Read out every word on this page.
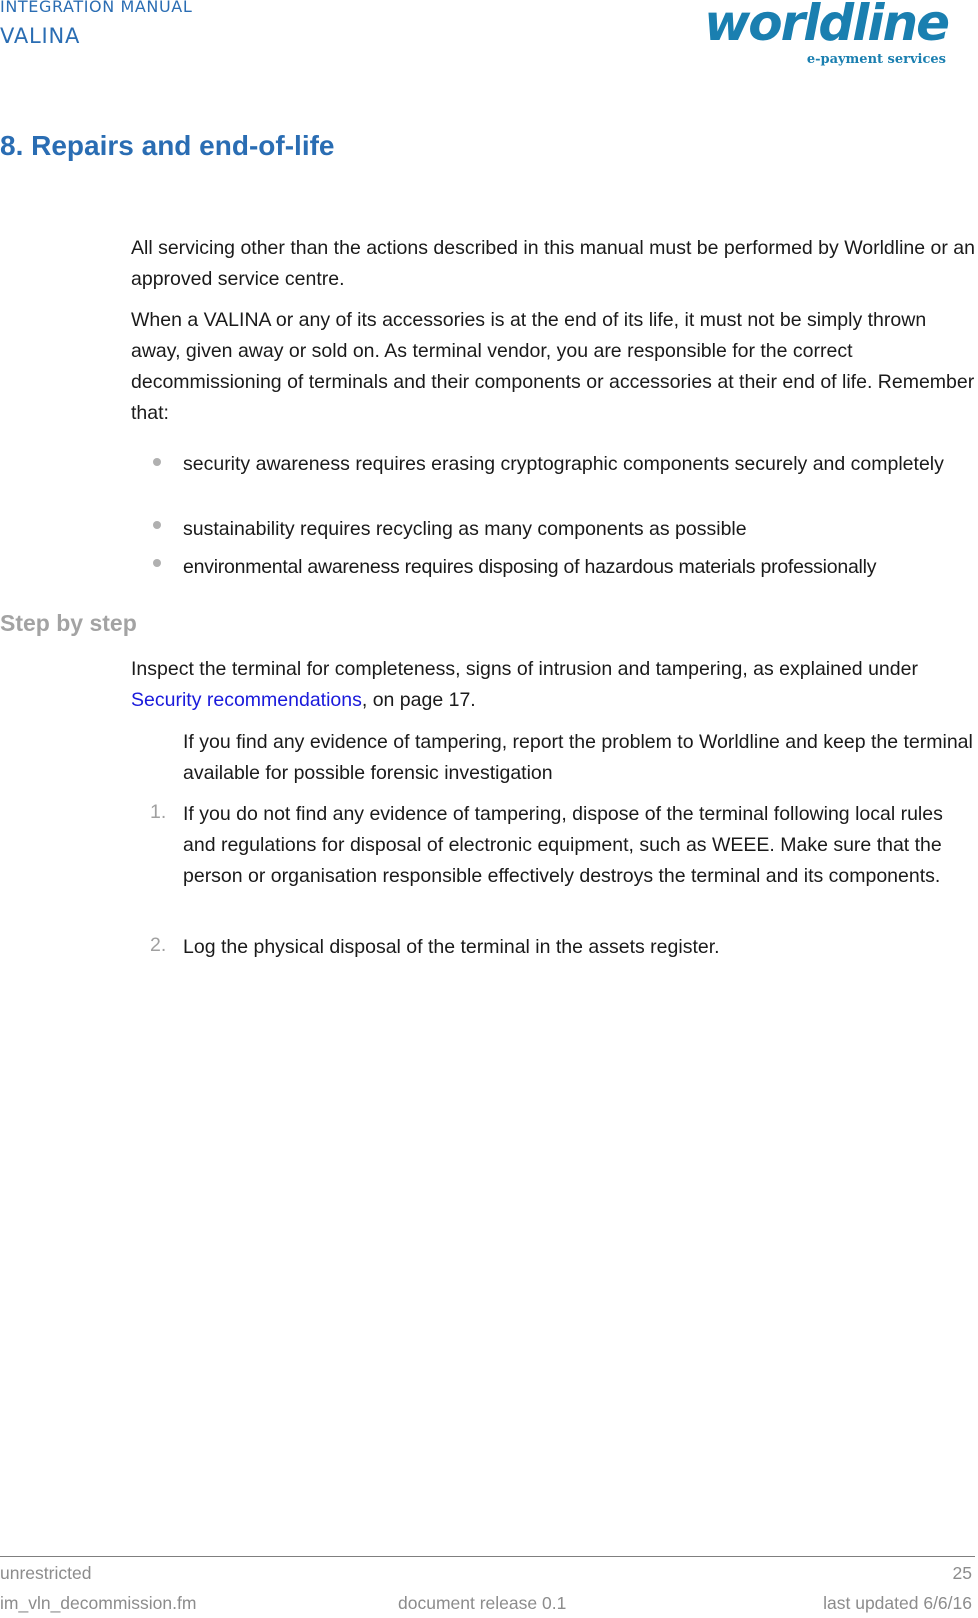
INTEGRATION MANUAL
VALINA	worldline
e-payment services
8. Repairs and end-of-life

All servicing other than the actions described in this manual must be performed by Worldline or an approved service centre.

When a VALINA or any of its accessories is at the end of its life, it must not be simply thrown away, given away or sold on. As terminal vendor, you are responsible for the correct decommissioning of terminals and their components or accessories at their end of life. Remember that:

security awareness requires erasing cryptographic components securely and completely
sustainability requires recycling as many components as possible
environmental awareness requires disposing of hazardous materials professionally
Step by step

Inspect the terminal for completeness, signs of intrusion and tampering, as explained under Security recommendations, on page 17.

If you find any evidence of tampering, report the problem to Worldline and keep the terminal available for possible forensic investigation

1. If you do not find any evidence of tampering, dispose of the terminal following local rules and regulations for disposal of electronic equipment, such as WEEE. Make sure that the person or organisation responsible effectively destroys the terminal and its components.

2. Log the physical disposal of the terminal in the assets register.

unrestricted	25
im_vln_decommission.fm	document release 0.1	last updated 6/6/16
